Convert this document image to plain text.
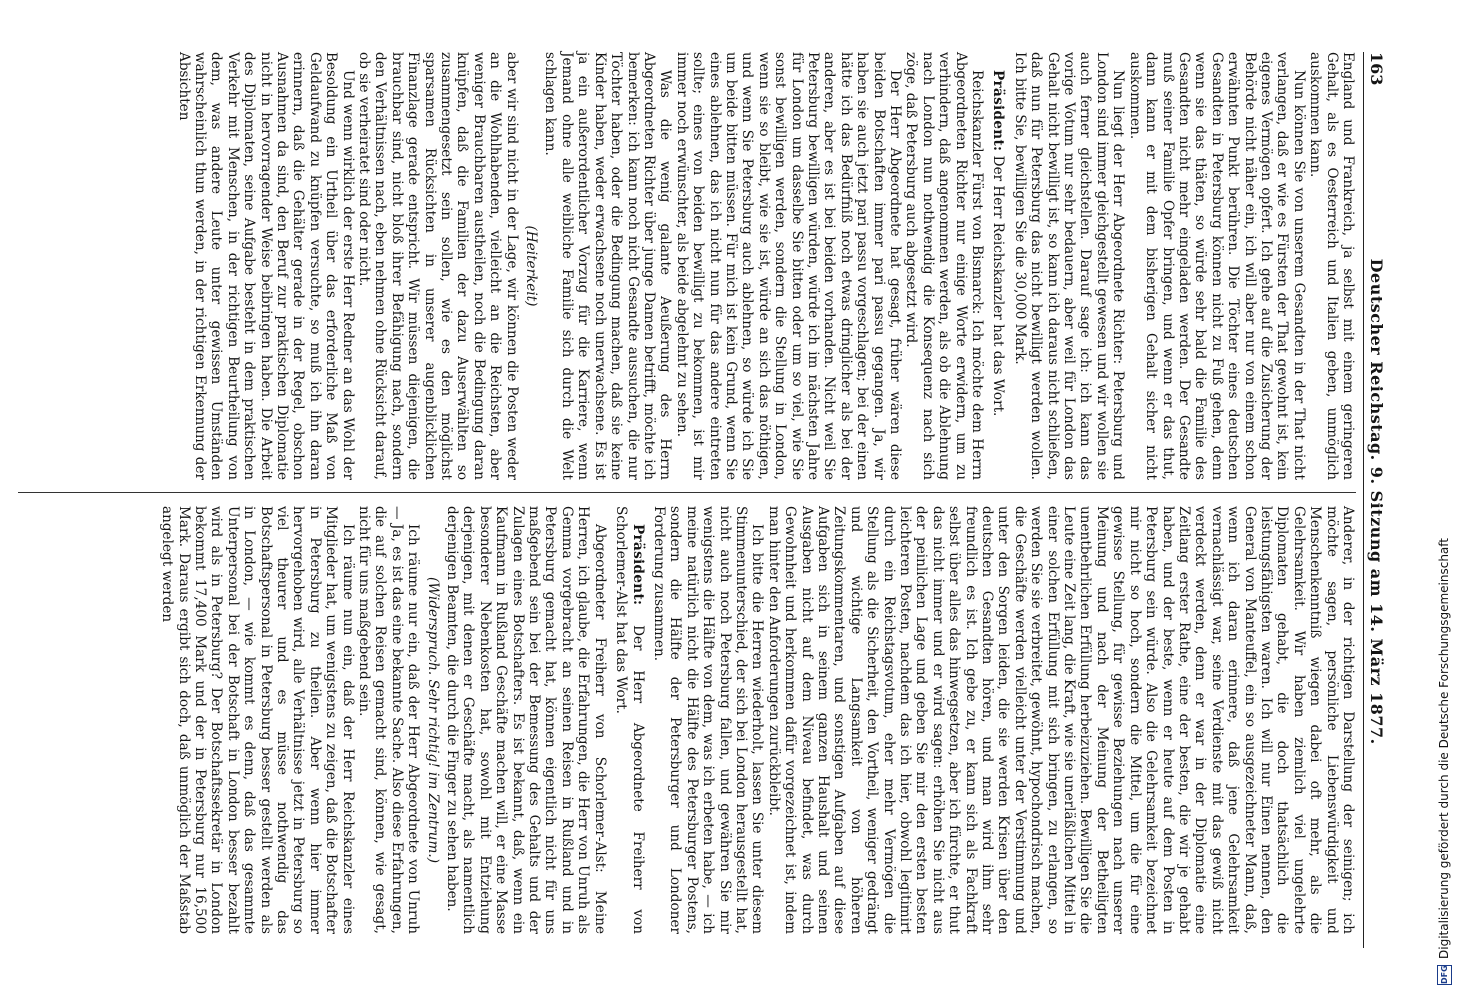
163
Deutscher Reichstag. 9. Sitzung am 14. März 1877.

England und Frankreich, ja selbst mit einem geringeren Gehalt, als es Oesterreich und Italien geben, unmöglich auskommen kann.

Nun können Sie von unserem Gesandten in der That nicht verlangen, daß er wie es Fürsten der That gewohnt ist, kein eigenes Vermögen opfert. Ich gehe auf die Zusicherung der Behörde nicht näher ein, ich will aber nur von einem schon erwähnten Punkt berühren. Die Töchter eines deutschen Gesandten in Petersburg können nicht zu Fuß gehen, denn wenn sie das thäten, so würde sehr bald die Familie des Gesandten nicht mehr eingeladen werden. Der Gesandte muß seiner Familie Opfer bringen, und wenn er das thut, dann kann er mit dem bisherigen Gehalt sicher nicht auskommen.

Nun liegt der Herr Abgeordnete Richter: Petersburg und London sind immer gleichgestellt gewesen und wir wollen sie auch ferner gleichstellen. Darauf sage ich: ich kann das vorige Votum nur sehr bedauern, aber weil für London das Gehalt nicht bewilligt ist, so kann ich daraus nicht schließen, daß nun für Petersburg das nicht bewilligt werden wollen. Ich bitte Sie, bewilligen Sie die 30,000 Mark.

Präsident: Der Herr Reichskanzler hat das Wort.

Reichskanzler Fürst von Bismarck: Ich möchte dem Herrn Abgeordneten Richter nur einige Worte erwidern, um zu verhindern, daß angenommen werden, als ob die Ablehnung nach London nun nothwendig die Konsequenz nach sich zöge, daß Petersburg auch abgesetzt wird.

Der Herr Abgeordnete hat gesagt, früher wären diese beiden Botschaften immer pari passu gegangen. Ja, wir haben sie auch jetzt pari passu vorgeschlagen; bei der einen hätte ich das Bedürfniß noch etwas dringlicher als bei der anderen, aber es ist bei beiden vorhanden. Nicht weil Sie Petersburg bewilligen würden, würde ich im nächsten Jahre für London um dasselbe Sie bitten oder um so viel, wie Sie sonst bewilligen werden, sondern die Stellung in London, wenn sie so bleibt, wie sie ist, würde an sich das nöthigen, und wenn Sie Petersburg auch ablehnen, so würde ich Sie um beide bitten müssen. Für mich ist kein Grund, wenn Sie eines ablehnen, das ich nicht nun für das andere eintreten sollte; eines von beiden bewilligt zu bekommen, ist mir immer noch erwünschter, als beide abgelehnt zu sehen.

Was die wenig galante Aeußerung des Herrn Abgeordneten Richter über junge Damen betrifft, möchte ich bemerken: ich kann noch nicht Gesandte aussuchen, die nur Töchter haben, oder die Bedingung machen, daß sie keine Kinder haben, weder erwachsene noch unerwachsene. Es ist ja ein außerordentlicher Vorzug für die Karriere, wenn Jemand ohne alle weibliche Familie sich durch die Welt schlagen kann.

(Heiterkeit)

aber wir sind nicht in der Lage, wir können die Posten weder an die Wohlhabenden, vielleicht an die Reichsten, aber weniger Brauchbaren austheilen, noch die Bedingung daran knüpfen, daß die Familien der dazu Auserwählten so zusammengesetzt sein sollen, wie es den möglichst sparsamen Rücksichten in unserer augenblicklichen Finanzlage gerade entspricht. Wir müssen diejenigen, die brauchbar sind, nicht bloß ihrer Befähigung nach, sondern den Verhältnissen nach, eben nehmen ohne Rücksicht darauf, ob sie verheiratet sind oder nicht.

Und wenn wirklich der erste Herr Redner an das Wohl der Besoldung ein Urtheil über das erforderliche Maß von Geldaufwand zu knüpfen versuchte, so muß ich ihn daran erinnern, daß die Gehälter gerade in der Regel, obschon Ausnahmen da sind, den Beruf zur praktischen Diplomatie nicht in hervorragender Weise beibringen haben. Die Arbeit des Diplomaten, seine Aufgabe besteht in dem praktischen Verkehr mit Menschen, in der richtigen Beurtheilung von dem, was andere Leute unter gewissen Umständen wahrscheinlich thun werden, in der richtigen Erkennung der Absichten

Anderer, in der richtigen Darstellung der seinigen; ich möchte sagen, persönliche Liebenswürdigkeit und Menschenkenntniß wiegen dabei oft mehr, als die Gelehrsamkeit. Wir haben ziemlich viel ungelehrte Diplomaten gehabt, die doch thatsächlich die leistungsfähigsten waren. Ich will nur Einen nennen, den General von Manteuffel, ein so ausgezeichneter Mann, daß, wenn ich daran erinnere, daß jene Gelehrsamkeit vernachlässigt war, seine Verdienste mit das gewiß nicht verdeckt werden, denn er war in der Diplomatie eine Zeitlang erster Rathe, eine der besten, die wir je gehabt haben, und der beste, wenn er heute auf dem Posten in Petersburg sein würde. Also die Gelehrsamkeit bezeichnet mir nicht so hoch, sondern die Mittel, um die für eine gewisse Stellung, für gewisse Beziehungen nach unserer Meinung und nach der Meinung der Betheiligten unentbehrlichen Erfüllung herbeizuziehen. Bewilligen Sie die Leute eine Zeit lang, die Kraft, wie sie unerläßlichen Mittel in einer solchen Erfüllung mit sich bringen, zu erlangen, so werden Sie sie verbreitet, gewöhnt, hypochondrisch machen, die Geschäfte werden vielleicht unter der Verstimmung und unter den Sorgen leiden, die sie werden Krisen über den deutschen Gesandten hören, und man wird ihm sehr freundlich es ist. Ich gebe zu, er kann sich als Fachkraft selbst über alles das hinwegsetzen, aber ich fürchte, er thut das nicht immer und er wird sagen: erhöhen Sie nicht aus der peinlichen Lage und geben Sie mir den ersten besten leichteren Posten, nachdem das ich hier, obwohl legitimirt durch ein Reichstagsvotum, eher mehr Vermögen die Stellung als die Sicherheit, den Vortheil, weniger gedrängt und wichtige Langsamkeit von höheren Zeitungskommentaren, und sonstigen Aufgaben auf diese Aufgaben sich in seinem ganzen Haushalt und seinen Ausgaben nicht auf dem Niveau befindet, was durch Gewohnheit und herkommen dafür vorgezeichnet ist, indem man hinter den Anforderungen zurückbleibt.

Ich bitte die Herren wiederholt, lassen Sie unter diesem Stimmenunterschied, der sich bei London herausgestellt hat, nicht auch noch Petersburg fallen, und gewähren Sie mir wenigstens die Hälfte von dem, was ich erbeten habe, — ich meine natürlich nicht die Hälfte des Petersburger Postens, sondern die Hälfte der Petersburger und Londoner Forderung zusammen.

Präsident: Der Herr Abgeordnete Freiherr von Schorlemer-Alst hat das Wort.

Abgeordneter Freiherr von Schorlemer-Alst: Meine Herren, ich glaube, die Erfahrungen, die Herr von Unruh als Gemma vorgebracht an seinen Reisen in Rußland und in Petersburg gemacht hat, können eigentlich nicht für uns maßgebend sein bei der Bemessung des Gehalts und der Zulagen eines Botschafters. Es ist bekannt, daß, wenn ein Kaufmann in Rußland Geschäfte machen will, er eine Masse besonderer Nebenkosten hat, sowohl mit Entziehung derjenigen, mit denen er Geschäfte macht, als namentlich derjenigen Beamten, die durch die Finger zu sehen haben.

(Widerspruch. Sehr richtig! im Zentrum.)

Ich räume nur ein, daß der Herr Abgeordnete von Unruh — Ja, es ist das eine bekannte Sache. Also diese Erfahrungen, die auf solchen Reisen gemacht sind, können, wie gesagt, nicht für uns maßgebend sein.

Ich räume nun ein, daß der Herr Reichskanzler eines Mitglieder hat, um wenigstens zu zeigen, daß die Botschafter in Petersburg zu theilen. Aber wenn hier immer hervorgehoben wird, alle Verhältnisse jetzt in Petersburg so viel theurer und es müsse nothwendig das Botschaftspersonal in Petersburg besser gestellt werden als in London, — wie kommt es denn, daß das gesammte Unterpersonal bei der Botschaft in London besser bezahlt wird als in Petersburg? Der Botschaftssekretär in London bekommt 17,400 Mark und der in Petersburg nur 16,500 Mark. Daraus ergibt sich doch, daß unmöglich der Maßstab angelegt werden

DFGDigitalisierung gefördert durch die Deutsche Forschungsgemeinschaft
